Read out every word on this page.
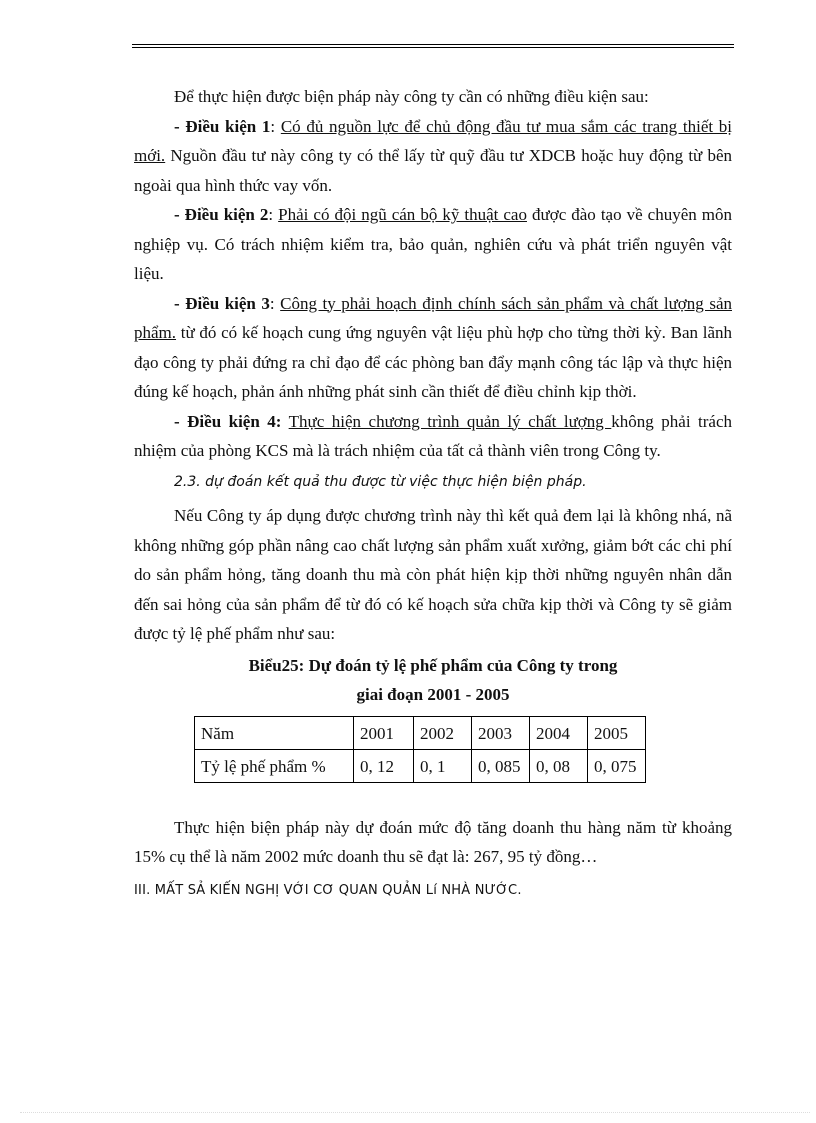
Để thực hiện được biện pháp này công ty cần có những điều kiện sau:

- Điều kiện 1: Có đủ nguồn lực để chủ động đầu tư mua sắm các trang thiết bị mới. Nguồn đầu tư này công ty có thể lấy từ quỹ đầu tư XDCB hoặc huy động từ bên ngoài qua hình thức vay vốn.

- Điều kiện 2: Phải có đội ngũ cán bộ kỹ thuật cao được đào tạo về chuyên môn nghiệp vụ. Có trách nhiệm kiểm tra, bảo quản, nghiên cứu và phát triển nguyên vật liệu.

- Điều kiện 3: Công ty phải hoạch định chính sách sản phẩm và chất lượng sản phẩm. từ đó có kế hoạch cung ứng nguyên vật liệu phù hợp cho từng thời kỳ. Ban lãnh đạo công ty phải đứng ra chỉ đạo để các phòng ban đẩy mạnh công tác lập và thực hiện đúng kế hoạch, phản ánh những phát sinh cần thiết để điều chỉnh kịp thời.

- Điều kiện 4: Thực hiện chương trình quản lý chất lượng không phải trách nhiệm của phòng KCS mà là trách nhiệm của tất cả thành viên trong Công ty.

2.3. dự đoán kết quả thu được từ việc thực hiện biện pháp.

Nếu Công ty áp dụng được chương trình này thì kết quả đem lại là không nhá, nã không những góp phần nâng cao chất lượng sản phẩm xuất xưởng, giảm bớt các chi phí do sản phẩm hỏng, tăng doanh thu mà còn phát hiện kịp thời những nguyên nhân dẫn đến sai hỏng của sản phẩm để từ đó có kế hoạch sửa chữa kịp thời và Công ty sẽ giảm được tỷ lệ phế phẩm như sau:

Biểu25: Dự đoán tỷ lệ phế phẩm của Công ty trong

giai đoạn 2001 - 2005

Năm	2001	2002	2003	2004	2005
Tỷ lệ phế phẩm %	0, 12	0, 1	0, 085	0, 08	0, 075

Thực hiện biện pháp này dự đoán mức độ tăng doanh thu hàng năm từ khoảng 15% cụ thể là năm 2002 mức doanh thu sẽ đạt là: 267, 95 tỷ đồng…

III. MẤT SẢ KIẾN NGHỊ VỚI CƠ QUAN QUẢN Lí NHÀ NƯỚC.
